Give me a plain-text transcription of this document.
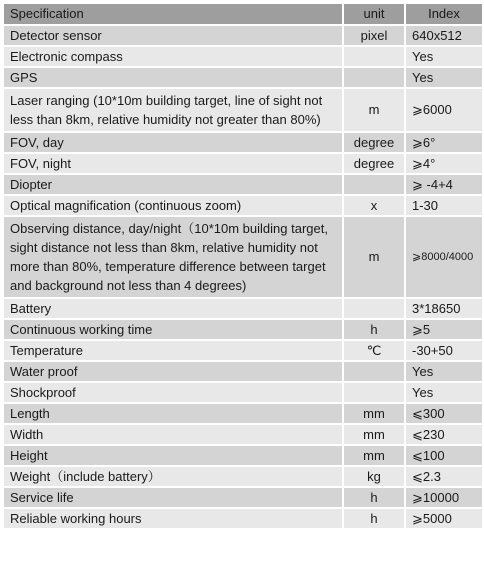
Specification	unit	Index
Detector sensor	pixel	640x512
Electronic compass		Yes
GPS		Yes
Laser ranging (10*10m building target, line of sight not less than 8km, relative humidity not greater than 80%)	m	⩾6000
FOV, day	degree	⩾6°
FOV, night	degree	⩾4°
Diopter		⩾ -4+4
Optical magnification (continuous zoom)	x	1-30
Observing distance, day/night（10*10m building target, sight distance not less than 8km, relative humidity not more than 80%, temperature difference between target and background not less than 4 degrees)	m	⩾8000/4000
Battery		3*18650
Continuous working time	h	⩾5
Temperature	℃	-30+50
Water proof		Yes
Shockproof		Yes
Length	mm	⩽300
Width	mm	⩽230
Height	mm	⩽100
Weight（include battery）	kg	⩽2.3
Service life	h	⩾10000
Reliable working hours	h	⩾5000
